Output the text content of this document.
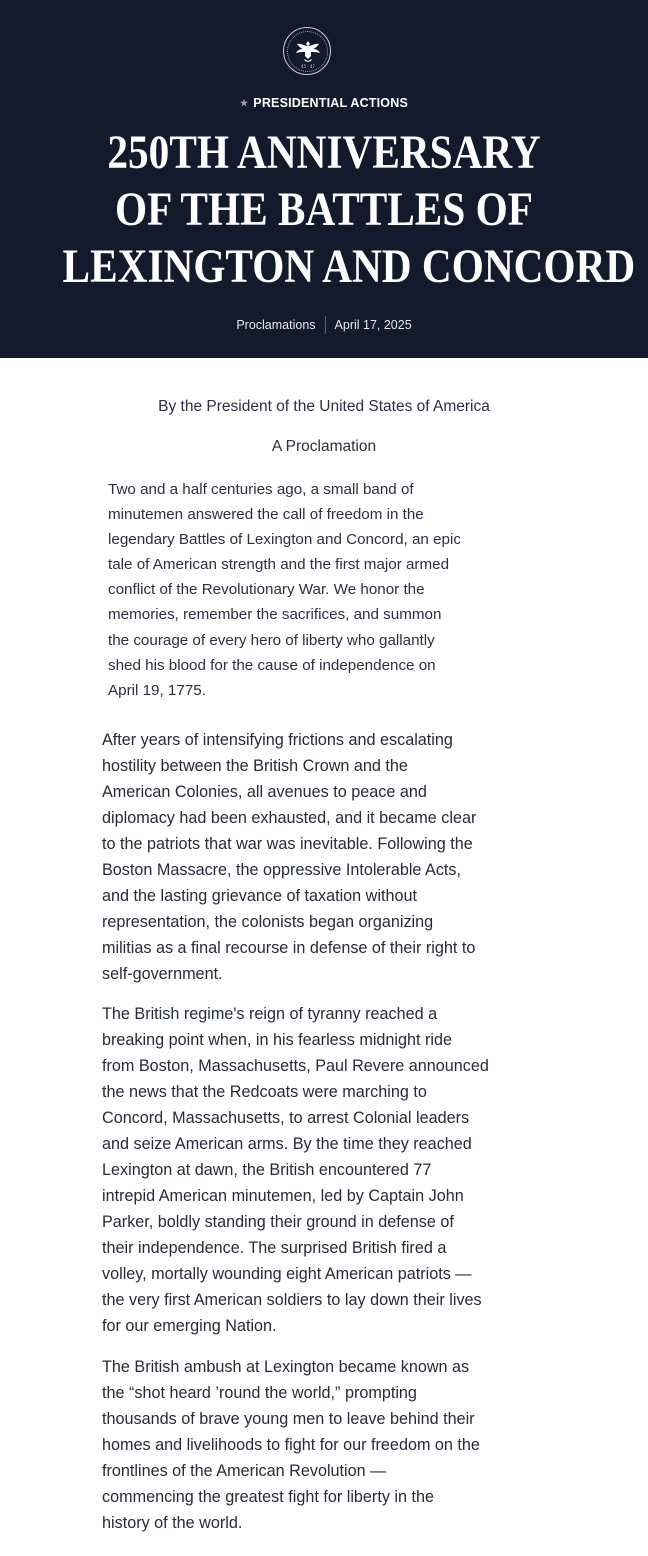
45 · 47
★ PRESIDENTIAL ACTIONS
250TH ANNIVERSARY
OF THE BATTLES OF
LEXINGTON AND CONCORD
Proclamations April 17, 2025
By the President of the United States of America
A Proclamation

Two and a half centuries ago, a small band of
minutemen answered the call of freedom in the
legendary Battles of Lexington and Concord, an epic
tale of American strength and the first major armed
conflict of the Revolutionary War. We honor the
memories, remember the sacrifices, and summon
the courage of every hero of liberty who gallantly
shed his blood for the cause of independence on
April 19, 1775.

After years of intensifying frictions and escalating
hostility between the British Crown and the
American Colonies, all avenues to peace and
diplomacy had been exhausted, and it became clear
to the patriots that war was inevitable. Following the
Boston Massacre, the oppressive Intolerable Acts,
and the lasting grievance of taxation without
representation, the colonists began organizing
militias as a final recourse in defense of their right to
self-government.

The British regime's reign of tyranny reached a
breaking point when, in his fearless midnight ride
from Boston, Massachusetts, Paul Revere announced
the news that the Redcoats were marching to
Concord, Massachusetts, to arrest Colonial leaders
and seize American arms. By the time they reached
Lexington at dawn, the British encountered 77
intrepid American minutemen, led by Captain John
Parker, boldly standing their ground in defense of
their independence. The surprised British fired a
volley, mortally wounding eight American patriots —
the very first American soldiers to lay down their lives
for our emerging Nation.

The British ambush at Lexington became known as
the “shot heard ’round the world,” prompting
thousands of brave young men to leave behind their
homes and livelihoods to fight for our freedom on the
frontlines of the American Revolution —
commencing the greatest fight for liberty in the
history of the world.
